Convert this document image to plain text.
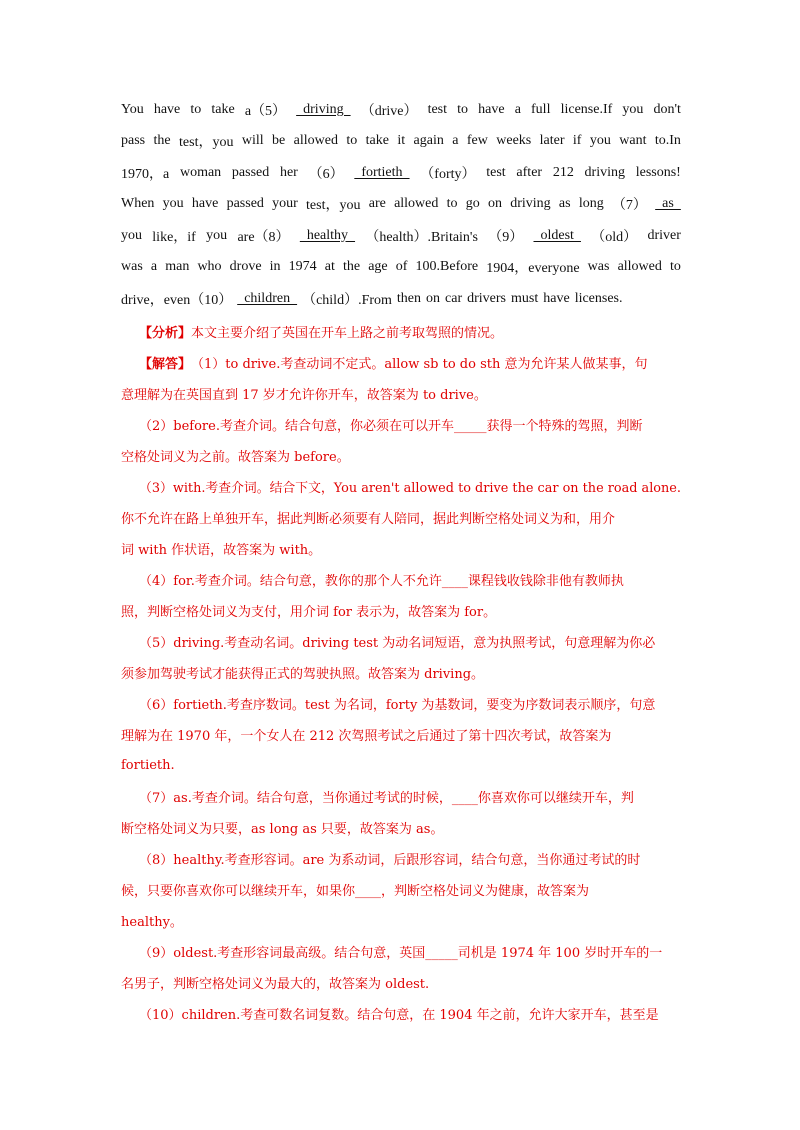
You have to take a（5） driving （drive） test to have a full license.If you don't
pass the test，you will be allowed to take it again a few weeks later if you want to.In
1970，a woman passed her （6） fortieth （forty） test after 212 driving lessons!
When you have passed your test，you are allowed to go on driving as long （7） as
you like，if you are（8） healthy （health）.Britain's （9） oldest （old） driver
was a man who drove in 1974 at the age of 100.Before 1904，everyone was allowed to
drive，even（10） children （child）.From then on car drivers must have licenses.
【分析】 本文主要介绍了英国在开车上路之前考取驾照的情况。
【解答】 （1）to drive.考查动词不定式。allow sb to do sth 意为允许某人做某事，句
意理解为在英国直到 17 岁才允许你开车，故答案为 to drive。
（2）before.考查介词。结合句意，你必须在可以开车_____获得一个特殊的驾照，判断
空格处词义为之前。故答案为 before。
（3）with.考查介词。结合下文，You aren't allowed to drive the car on the road alone.
你不允许在路上单独开车，据此判断必须要有人陪同，据此判断空格处词义为和，用介
词 with 作状语，故答案为 with。
（4）for.考查介词。结合句意，教你的那个人不允许____课程钱收钱除非他有教师执
照，判断空格处词义为支付，用介词 for 表示为，故答案为 for。
（5）driving.考查动名词。driving test 为动名词短语，意为执照考试，句意理解为你必
须参加驾驶考试才能获得正式的驾驶执照。故答案为 driving。
（6）fortieth.考查序数词。test 为名词，forty 为基数词，要变为序数词表示顺序，句意
理解为在 1970 年，一个女人在 212 次驾照考试之后通过了第十四次考试，故答案为
fortieth.
（7）as.考查介词。结合句意，当你通过考试的时候，____你喜欢你可以继续开车，判
断空格处词义为只要，as long as 只要，故答案为 as。
（8）healthy.考查形容词。are 为系动词，后跟形容词，结合句意，当你通过考试的时
候，只要你喜欢你可以继续开车，如果你____，判断空格处词义为健康，故答案为
healthy。
（9）oldest.考查形容词最高级。结合句意，英国_____司机是 1974 年 100 岁时开车的一
名男子，判断空格处词义为最大的，故答案为 oldest.
（10）children.考查可数名词复数。结合句意，在 1904 年之前，允许大家开车，甚至是
